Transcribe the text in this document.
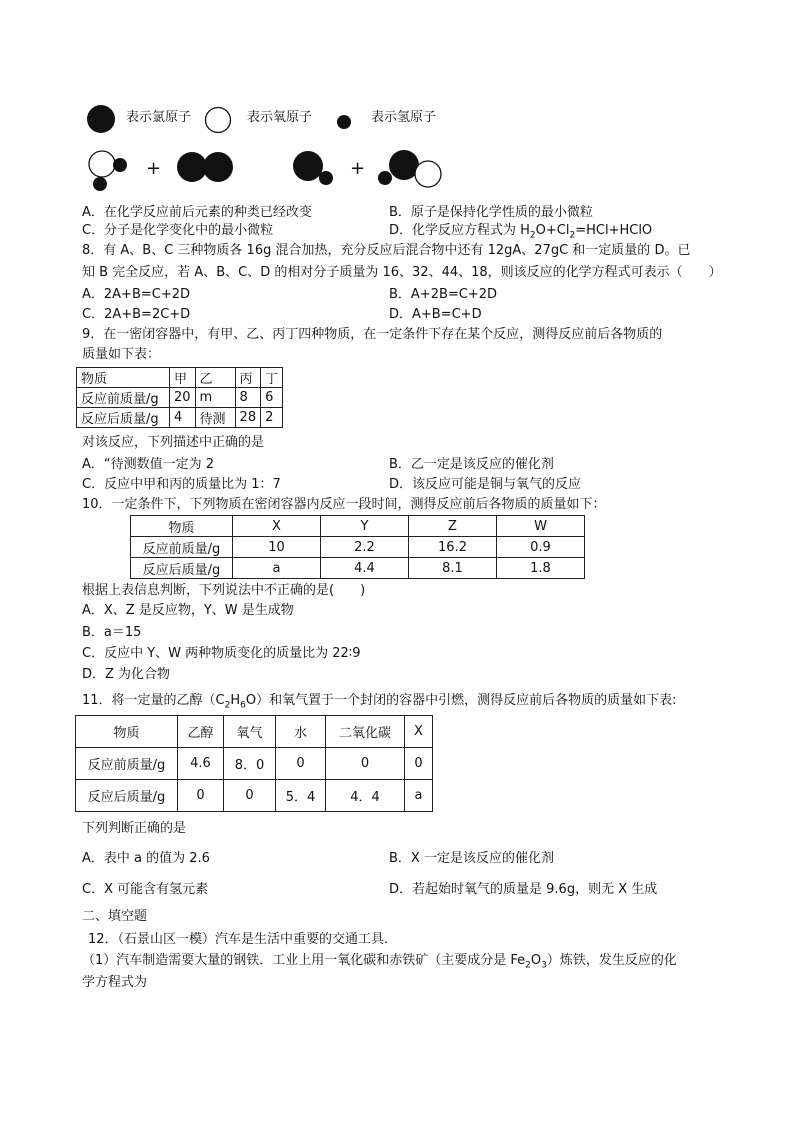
表示氯原子	表示氧原子	表示氢原子
+	+
A．在化学反应前后元素的种类已经改变	B．原子是保持化学性质的最小微粒
C．分子是化学变化中的最小微粒	D．化学反应方程式为 $H_2O+Cl_2=HCl+HClO$
8．有 A、B、C 三种物质各 16g 混合加热，充分反应后混合物中还有 12gA、27gC 和一定质量的 D。已
知 B 完全反应，若 A、B、C、D 的相对分子质量为 16、32、44、18，则该反应的化学方程式可表示（　　）
A．2A+B=C+2D	B．A+2B=C+2D
C．2A+B=2C+D	D．A+B=C+D
9．在一密闭容器中，有甲、乙、丙丁四种物质，在一定条件下存在某个反应，测得反应前后各物质的
质量如下表：
物质	甲	乙	丙	丁
反应前质量/g	20	m	8	6
反应后质量/g	4	待测	28	2
对该反应，下列描述中正确的是
A．“待测数值一定为 2	B．乙一定是该反应的催化剂
C．反应中甲和丙的质量比为 1：7	D．该反应可能是铜与氧气的反应
10．一定条件下，下列物质在密闭容器内反应一段时间，测得反应前后各物质的质量如下：
物质	X	Y	Z	W
反应前质量/g	10	2.2	16.2	0.9
反应后质量/g	a	4.4	8.1	1.8
根据上表信息判断，下列说法中不正确的是(　　)
A．X、Z 是反应物，Y、W 是生成物
B．a＝15
C．反应中 Y、W 两种物质变化的质量比为 22∶9
D．Z 为化合物
11．将一定量的乙醇$(C_2H_6O)$和氧气置于一个封闭的容器中引燃，测得反应前后各物质的质量如下表:
物质	乙醇	氧气	水	二氧化碳	X
反应前质量/g	4.6	8．0	0	0	0
反应后质量/g	0	0	5．4	4．4	a
下列判断正确的是
A．表中 a 的值为 2.6	B．X 一定是该反应的催化剂
C．X 可能含有氢元素	D．若起始时氧气的质量是 9.6g，则无 X 生成
二、填空题
12．（石景山区一模）汽车是生活中重要的交通工具．
（1）汽车制造需要大量的钢铁．工业上用一氧化碳和赤铁矿（主要成分是 $Fe_2O_3$）炼铁，发生反应的化
学方程式为
